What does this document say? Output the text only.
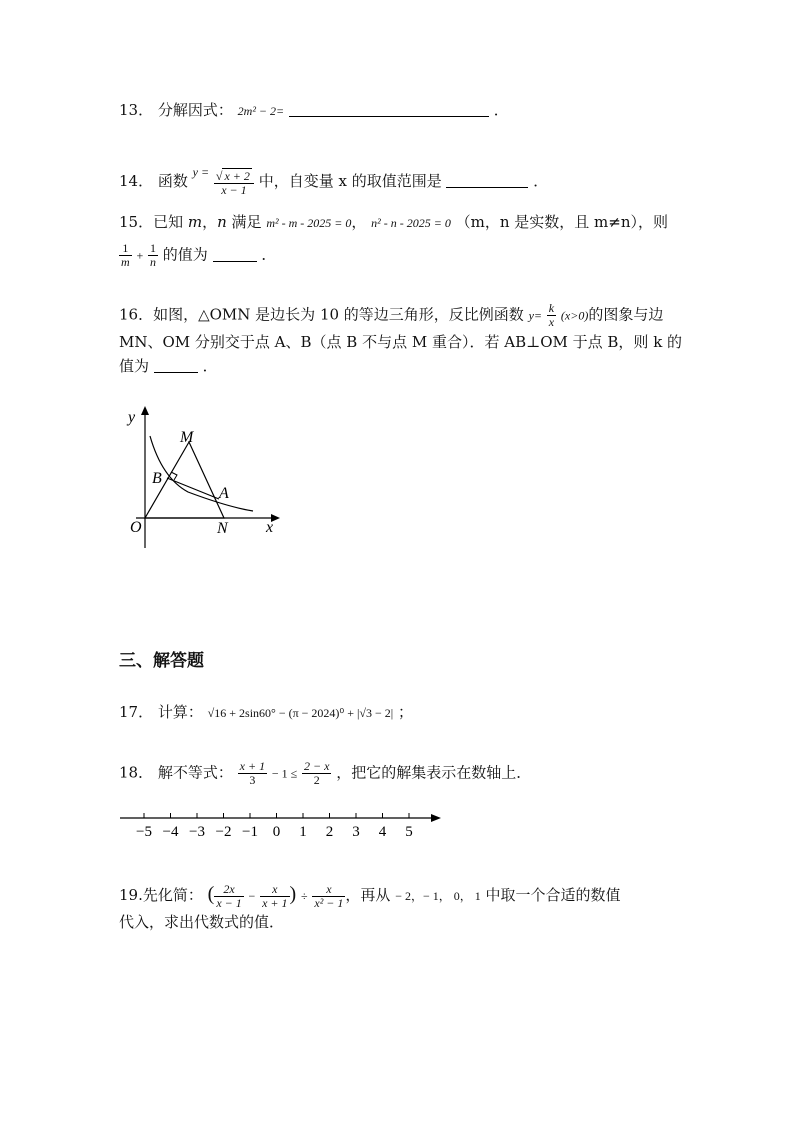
13． 分解因式： 2m² − 2=	．
14． 函数 $^{y =} \frac{√ x + 2}{x - 1}$ 中，自变量 x 的取值范围是	．
15．已知 m，n 满足 m² - m - 2025 = 0， n² - n - 2025 = 0 （m，n 是实数，且 m≠n），则
$\frac{1}{m} + \frac{1}{n}$ 的值为	．
16．如图，△OMN 是边长为 10 的等边三角形，反比例函数 $y= \frac{k}{x} (x>0)$的图象与边
MN、OM 分别交于点 A、B（点 B 不与点 M 重合）．若 AB⊥OM 于点 B，则 k 的
值为	．
y
x
O
M
N
A
B
三、解答题
17． 计算： √16 + 2sin60° − (π − 2024)⁰ + |√3 − 2| ；
18． 解不等式： $\frac{x + 1}{3} - 1 \le \frac{2 - x}{2}$ ，把它的解集表示在数轴上．
−5 −4 −3 −2 −1 0 1 2 3 4 5
19.先化简： ( $\frac{2x}{x - 1} - \frac{x}{x + 1}$ ) ÷ $\frac{x}{\text{x² − 1}}$ ，再从 − 2，− 1， 0， 1 中取一个合适的数值
代入，求出代数式的值．
